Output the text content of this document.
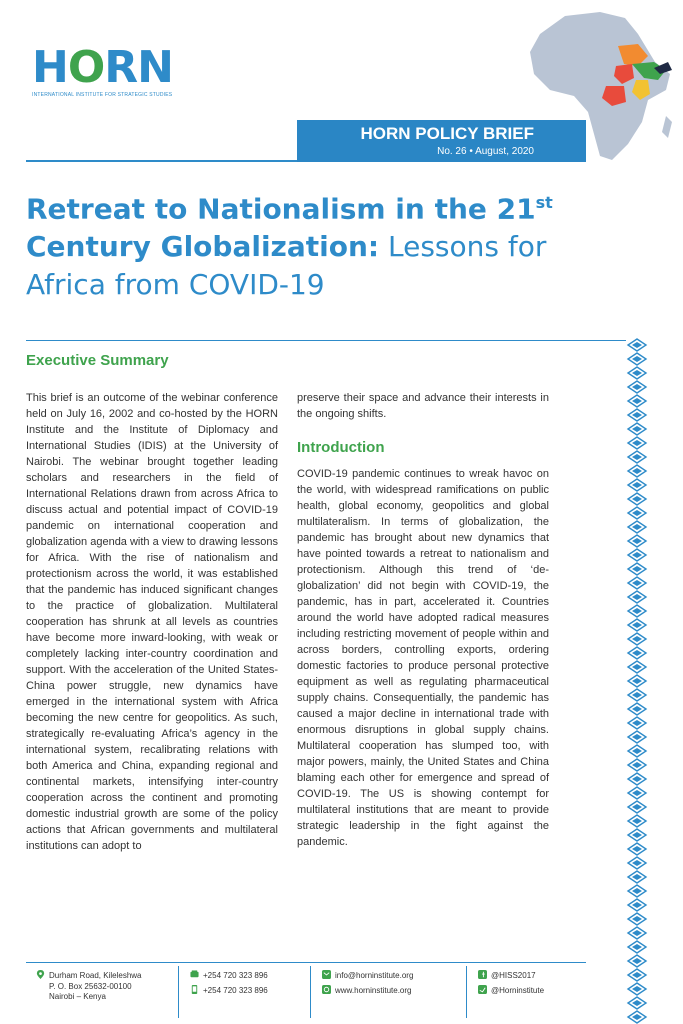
HORN
INTERNATIONAL INSTITUTE FOR STRATEGIC STUDIES
HORN POLICY BRIEF
No. 26 • August, 2020
Retreat to Nationalism in the 21st
Century Globalization: Lessons for Africa from COVID-19
Executive Summary
This brief is an outcome of the webinar conference held on July 16, 2002 and co-hosted by the HORN Institute and the Institute of Diplomacy and International Studies (IDIS) at the University of Nairobi. The webinar brought together leading scholars and researchers in the field of International Relations drawn from across Africa to discuss actual and potential impact of COVID-19 pandemic on international cooperation and globalization agenda with a view to drawing lessons for Africa. With the rise of nationalism and protectionism across the world, it was established that the pandemic has induced significant changes to the practice of globalization. Multilateral cooperation has shrunk at all levels as countries have become more inward-looking, with weak or completely lacking inter-country coordination and support. With the acceleration of the United States-China power struggle, new dynamics have emerged in the international system with Africa becoming the new centre for geopolitics. As such, strategically re-evaluating Africa’s agency in the international system, recalibrating relations with both America and China, expanding regional and continental markets, intensifying inter-country cooperation across the continent and promoting domestic industrial growth are some of the policy actions that African governments and multilateral institutions can adopt to
preserve their space and advance their interests in the ongoing shifts.
Introduction
COVID-19 pandemic continues to wreak havoc on the world, with widespread ramifications on public health, global economy, geopolitics and global multilateralism. In terms of globalization, the pandemic has brought about new dynamics that have pointed towards a retreat to nationalism and protectionism. Although this trend of ‘de-globalization’ did not begin with COVID-19, the pandemic, has in part, accelerated it. Countries around the world have adopted radical measures including restricting movement of people within and across borders, controlling exports, ordering domestic factories to produce personal protective equipment as well as regulating pharmaceutical supply chains. Consequentially, the pandemic has caused a major decline in international trade with enormous disruptions in global supply chains. Multilateral cooperation has slumped too, with major powers, mainly, the United States and China blaming each other for emergence and spread of COVID-19. The US is showing contempt for multilateral institutions that are meant to provide strategic leadership in the fight against the pandemic.
Durham Road, Kileleshwa
P. O. Box 25632-00100
Nairobi – Kenya
+254 720 323 896
+254 720 323 896
info@horninstitute.org
www.horninstitute.org
@HISS2017
@Horninstitute
